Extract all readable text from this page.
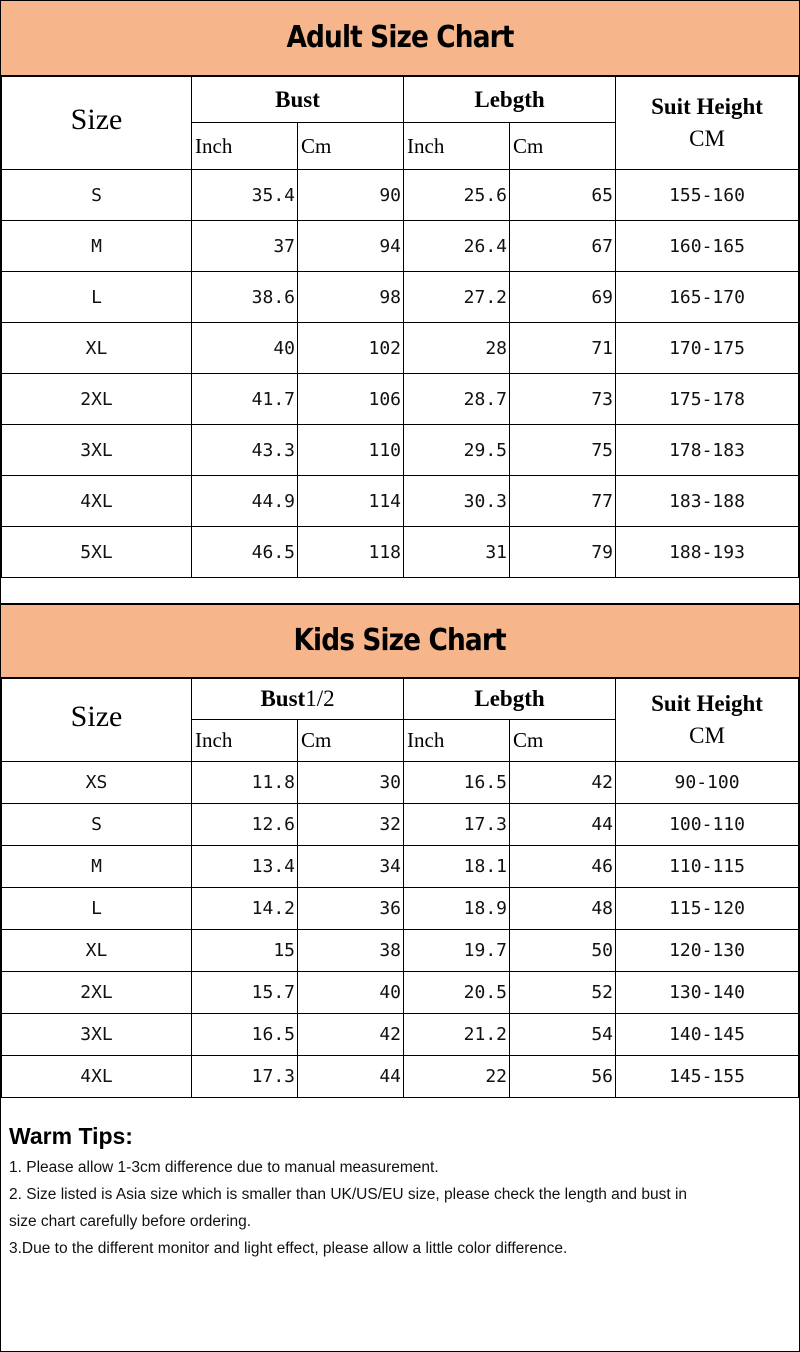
Adult Size Chart
Size	Bust		Lebgth		Suit Height
CM

	Inch	Cm	Inch	Cm	
S	35.4	90	25.6	65	155-160
M	37	94	26.4	67	160-165
L	38.6	98	27.2	69	165-170
XL	40	102	28	71	170-175
2XL	41.7	106	28.7	73	175-178
3XL	43.3	110	29.5	75	178-183
4XL	44.9	114	30.3	77	183-188
5XL	46.5	118	31	79	188-193
Kids Size Chart
Size	Bust1/2		Lebgth		Suit Height
CM

	Inch	Cm	Inch	Cm	
XS	11.8	30	16.5	42	90-100
S	12.6	32	17.3	44	100-110
M	13.4	34	18.1	46	110-115
L	14.2	36	18.9	48	115-120
XL	15	38	19.7	50	120-130
2XL	15.7	40	20.5	52	130-140
3XL	16.5	42	21.2	54	140-145
4XL	17.3	44	22	56	145-155

Warm Tips:

1. Please allow 1-3cm difference due to manual measurement.

2. Size listed is Asia size which is smaller than UK/US/EU size, please check the length and bust in

size chart carefully before ordering.

3.Due to the different monitor and light effect, please allow a little color difference.
